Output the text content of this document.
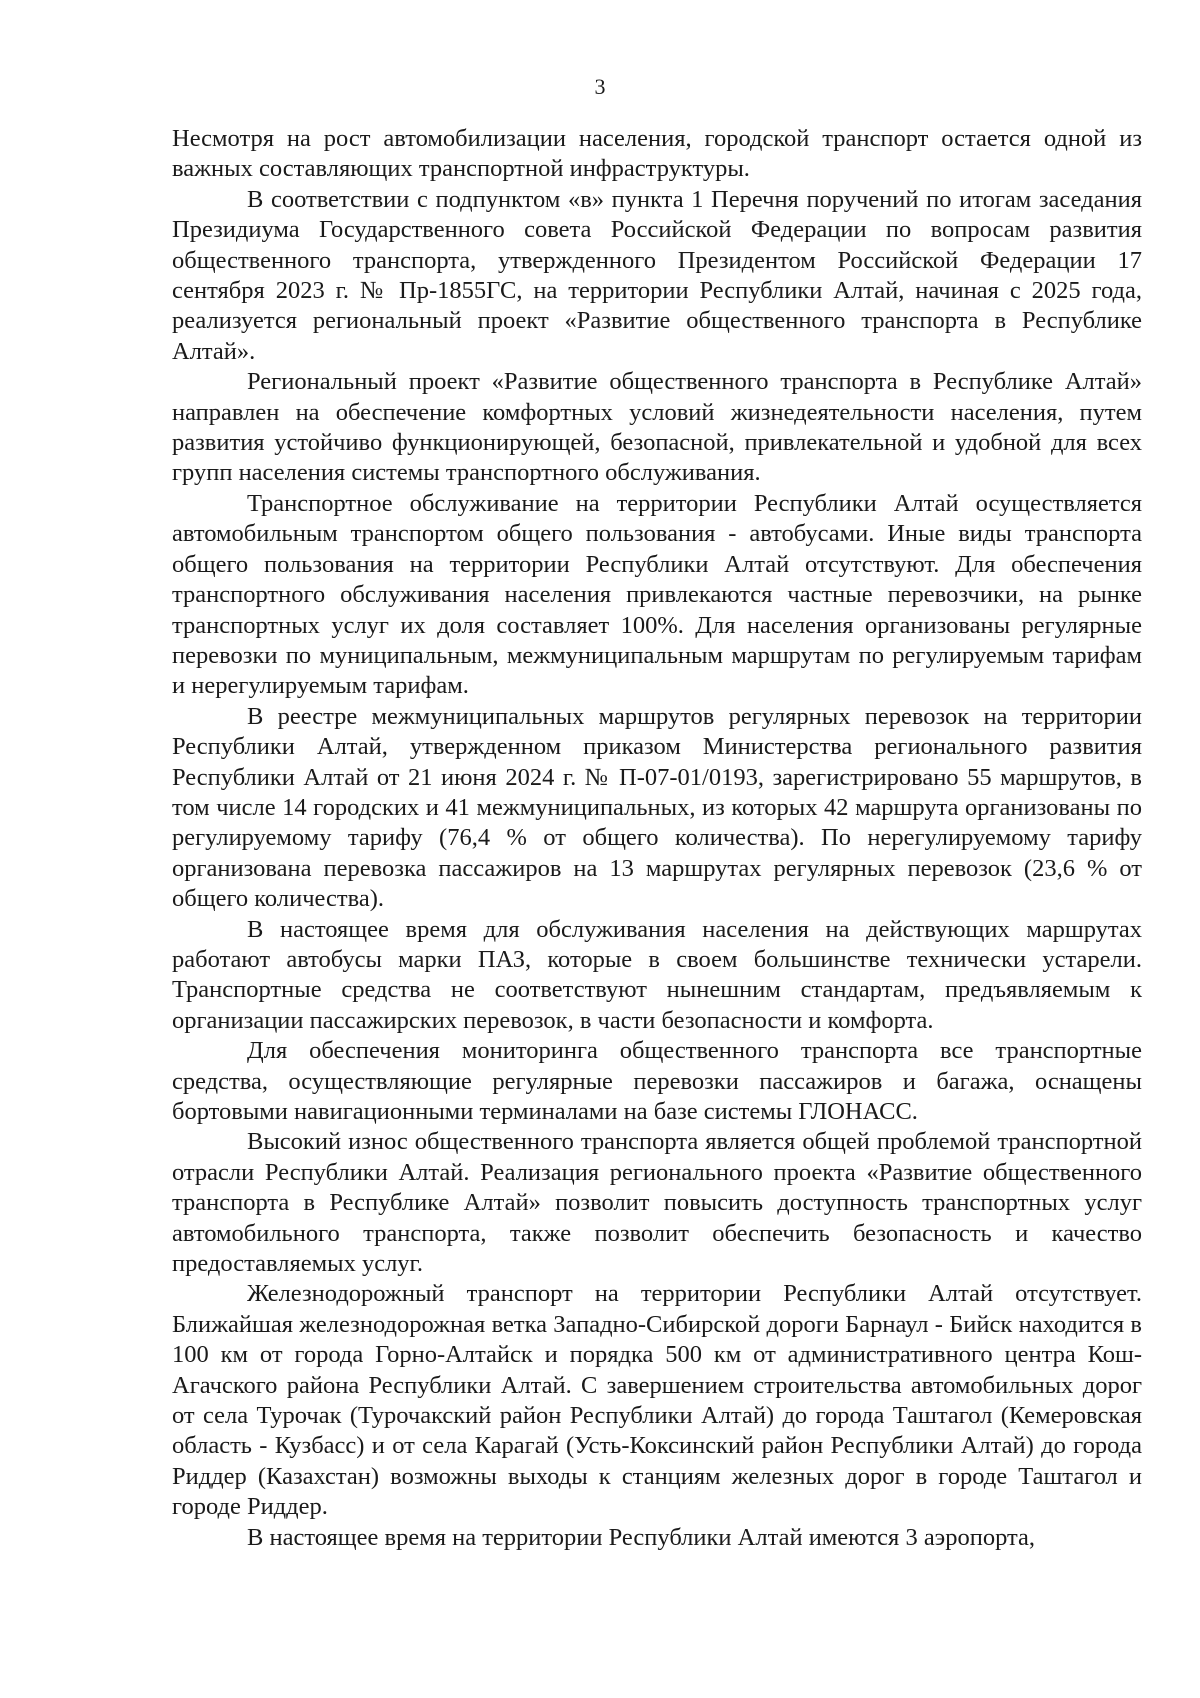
3

Несмотря на рост автомобилизации населения, городской транспорт остается одной из важных составляющих транспортной инфраструктуры.

В соответствии с подпунктом «в» пункта 1 Перечня поручений по итогам заседания Президиума Государственного совета Российской Федерации по вопросам развития общественного транспорта, утвержденного Президентом Российской Федерации 17 сентября 2023 г. № Пр-1855ГС, на территории Республики Алтай, начиная с 2025 года, реализуется региональный проект «Развитие общественного транспорта в Республике Алтай».

Региональный проект «Развитие общественного транспорта в Республике Алтай» направлен на обеспечение комфортных условий жизнедеятельности населения, путем развития устойчиво функционирующей, безопасной, привлекательной и удобной для всех групп населения системы транспортного обслуживания.

Транспортное обслуживание на территории Республики Алтай осуществляется автомобильным транспортом общего пользования - автобусами. Иные виды транспорта общего пользования на территории Республики Алтай отсутствуют. Для обеспечения транспортного обслуживания населения привлекаются частные перевозчики, на рынке транспортных услуг их доля составляет 100%. Для населения организованы регулярные перевозки по муниципальным, межмуниципальным маршрутам по регулируемым тарифам и нерегулируемым тарифам.

В реестре межмуниципальных маршрутов регулярных перевозок на территории Республики Алтай, утвержденном приказом Министерства регионального развития Республики Алтай от 21 июня 2024 г. № П-07-01/0193, зарегистрировано 55 маршрутов, в том числе 14 городских и 41 межмуниципальных, из которых 42 маршрута организованы по регулируемому тарифу (76,4 % от общего количества). По нерегулируемому тарифу организована перевозка пассажиров на 13 маршрутах регулярных перевозок (23,6 % от общего количества).

В настоящее время для обслуживания населения на действующих маршрутах работают автобусы марки ПАЗ, которые в своем большинстве технически устарели. Транспортные средства не соответствуют нынешним стандартам, предъявляемым к организации пассажирских перевозок, в части безопасности и комфорта.

Для обеспечения мониторинга общественного транспорта все транспортные средства, осуществляющие регулярные перевозки пассажиров и багажа, оснащены бортовыми навигационными терминалами на базе системы ГЛОНАСС.

Высокий износ общественного транспорта является общей проблемой транспортной отрасли Республики Алтай. Реализация регионального проекта «Развитие общественного транспорта в Республике Алтай» позволит повысить доступность транспортных услуг автомобильного транспорта, также позволит обеспечить безопасность и качество предоставляемых услуг.

Железнодорожный транспорт на территории Республики Алтай отсутствует. Ближайшая железнодорожная ветка Западно-Сибирской дороги Барнаул - Бийск находится в 100 км от города Горно-Алтайск и порядка 500 км от административного центра Кош-Агачского района Республики Алтай. С завершением строительства автомобильных дорог от села Турочак (Турочакский район Республики Алтай) до города Таштагол (Кемеровская область - Кузбасс) и от села Карагай (Усть-Коксинский район Республики Алтай) до города Риддер (Казахстан) возможны выходы к станциям железных дорог в городе Таштагол и городе Риддер.

В настоящее время на территории Республики Алтай имеются 3 аэропорта,
